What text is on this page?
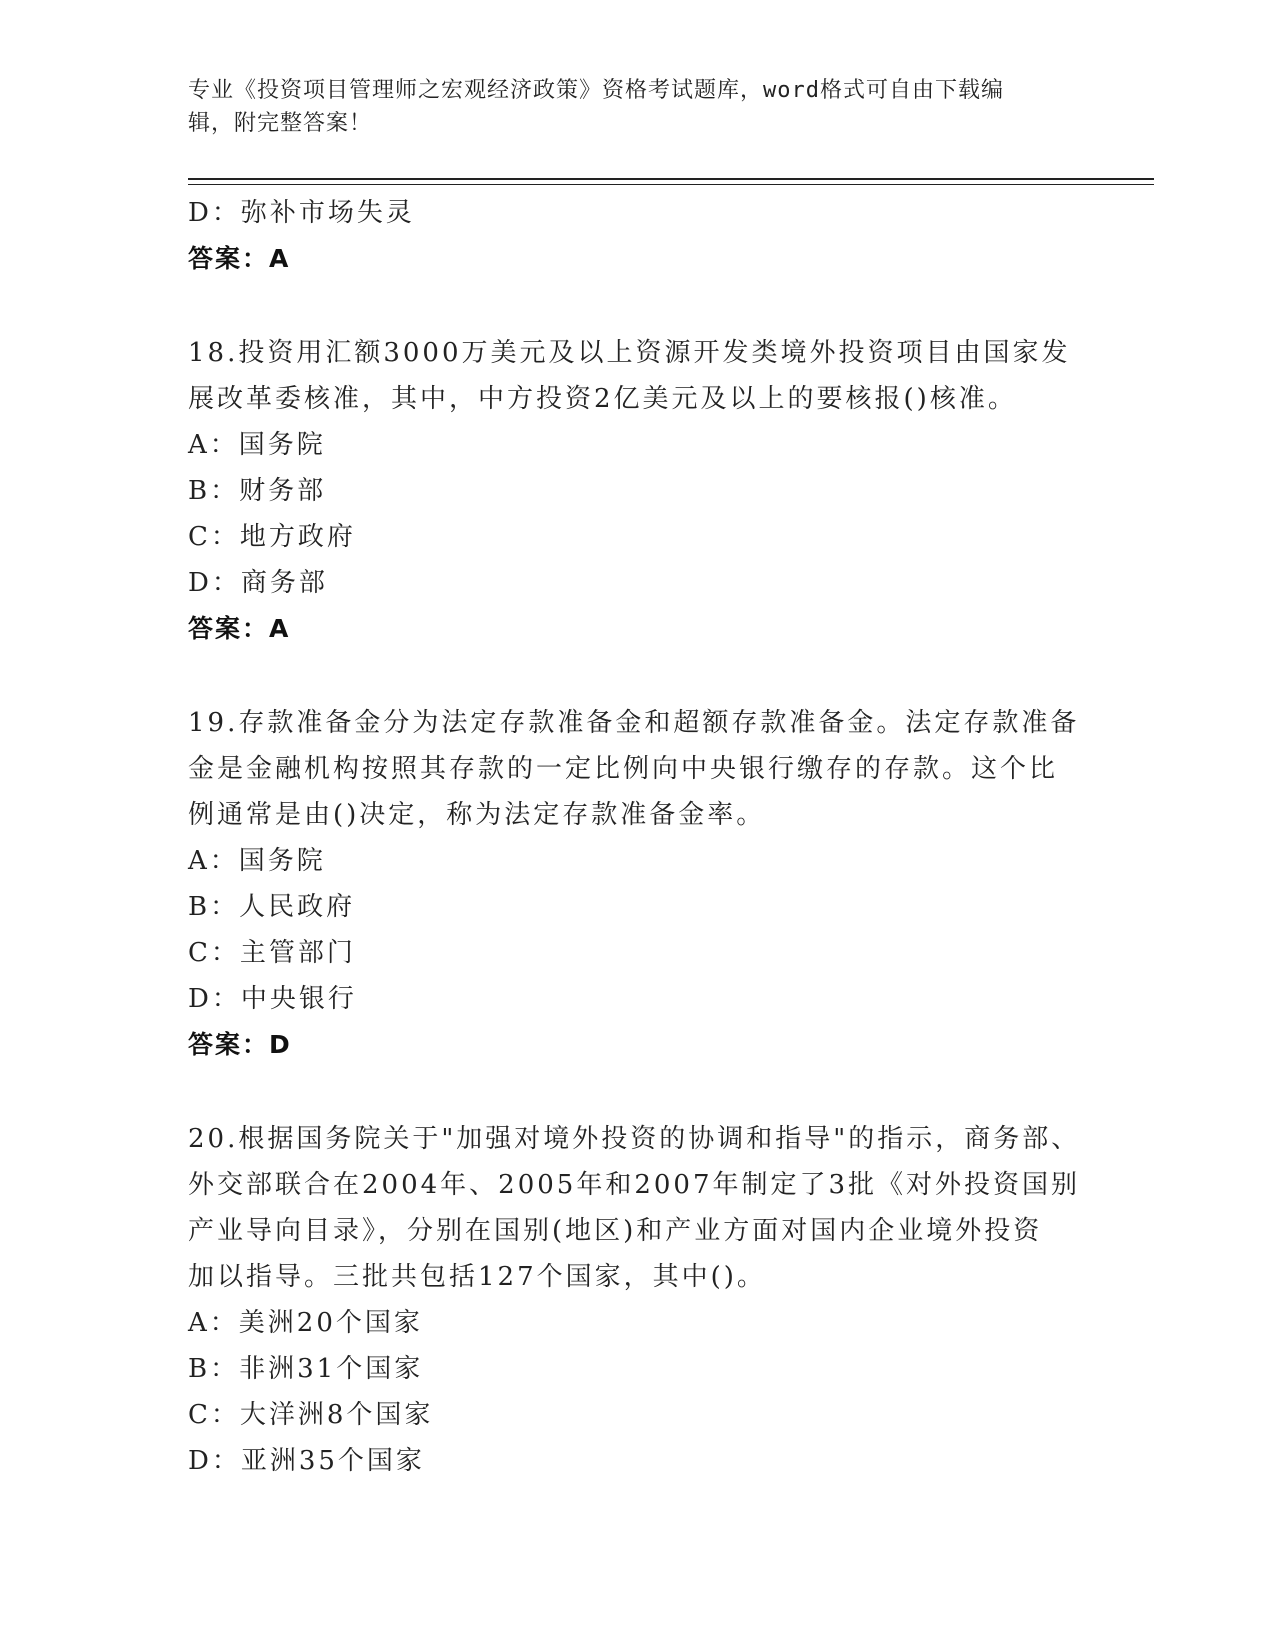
专业《投资项目管理师之宏观经济政策》资格考试题库，word格式可自由下载编
辑，附完整答案！
D：弥补市场失灵
答案：A
18.投资用汇额3000万美元及以上资源开发类境外投资项目由国家发
展改革委核准，其中，中方投资2亿美元及以上的要核报()核准。
A：国务院
B：财务部
C：地方政府
D：商务部
答案：A
19.存款准备金分为法定存款准备金和超额存款准备金。法定存款准备
金是金融机构按照其存款的一定比例向中央银行缴存的存款。这个比
例通常是由()决定，称为法定存款准备金率。
A：国务院
B：人民政府
C：主管部门
D：中央银行
答案：D
20.根据国务院关于"加强对境外投资的协调和指导"的指示，商务部、
外交部联合在2004年、2005年和2007年制定了3批《对外投资国别
产业导向目录》，分别在国别(地区)和产业方面对国内企业境外投资
加以指导。三批共包括127个国家，其中()。
A：美洲20个国家
B：非洲31个国家
C：大洋洲8个国家
D：亚洲35个国家
